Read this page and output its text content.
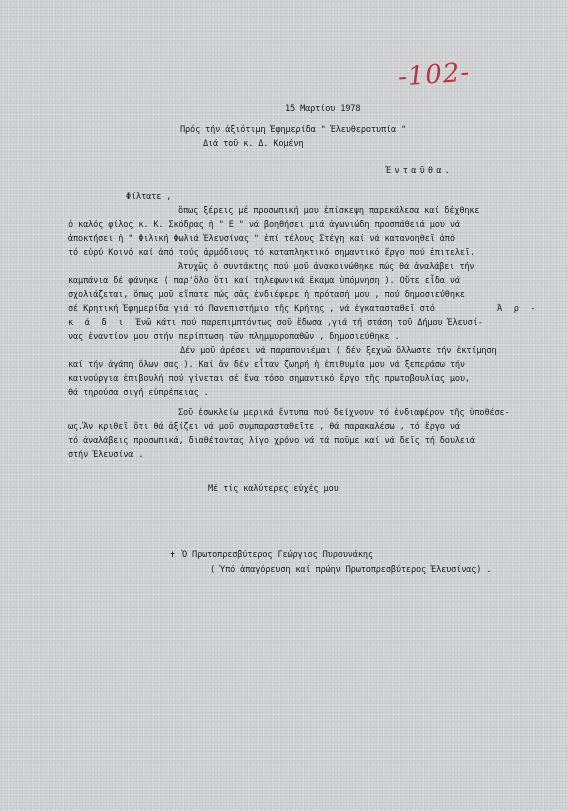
-102-
15 Μαρτίου 1978
Πρός τήν ἀξιότιμη Ἐφημερίδα " Ἐλευθεροτυπία "
Διά τοῦ κ. Δ. Κομένη
Ἐνταῦθα.
Φίλτατε ,
ὅπως ξέρεις μέ προσωπική μου ἐπίσκεψη παρεκάλεσα καί δέχθηκε
ὁ καλός φίλος κ. Κ. Σκόδρας ἡ " Ε " νά βοηθήσει μιά ἀγωνιώδη προσπάθειά μου νά
ἀποκτήσει ἡ " Φιλική Φωλιά Ἐλευσίνας " ἐπί τέλους Στέγη καί νά κατανοηθεῖ ἀπό
τό εὐρύ Κοινό καί ἀπό τούς ἁρμόδιους τό καταπληκτικό σημαντικό ἔργο πού ἐπιτελεῖ.
Ἀτυχῶς ὁ συντάκτης πού μοῦ ἀνακοινώθηκε πώς θά ἀναλάβει τήν
καμπάνια δέ φάνηκε ( παρ'ὅλο ὅτι καί τηλεφωνικά ἔκαμα ὑπόμνηση ). Οὔτε εἶδα νά
σχολιάζεται, ὅπως μοῦ εἴπατε πώς σᾶς ἐνδιέφερε ἡ πρότασή μου , πού δημοσιεύθηκε
σέ Κρητική Ἐφημερίδα γιά τό Πανεπιστήμιο τῆς Κρήτης , νά ἐγκατασταθεῖ στό	Ἀ ρ -
κ ά δ ι .
Ἐνῶ κάτι πού παρεπιμπτόντως σοῦ ἔδωσα ,γιά τή στάση τοῦ Δήμου Ἐλευσί-
νας ἐναντίον μου στήν περίπτωση τῶν πλημμυροπαθῶν , δημοσιεύθηκε .
Δέν μοῦ ἀρέσει νά παραπονιέμαι ( δέν ξεχνῶ ὅλλωστε τήν ἐκτίμηση
καί τήν ἀγάπη ὅλων σας ). Καί ἄν δέν εἶταν ζωηρή ἡ ἐπιθυμία μου νά ξεπεράσω τήν
καινούργια ἐπιβουλή πού γίνεται σέ ἕνα τόσο σημαντικό ἔργο τῆς πρωτοβουλίας μου,
θά τηρούσα σιγή εὐπρέπειας .
Σοῦ ἐσωκλείω μερικά ἔντυπα πού δείχνουν τό ἐνδιαφέρον τῆς ὑποθέσε-
ως.Ἄν κριθεῖ ὅτι θά ἀξίζει νά μοῦ συμπαρασταθεῖτε , θά παρακαλέσω , τό ἔργο νά
τό ἀναλάβεις προσωπικά, διαθέτοντας λίγο χρόνο νά τά ποῦμε καί νά δεῖς τή δουλειά
στήν Ἐλευσίνα .
Μέ τίς καλύτερες εὐχές μου
✝ Ὁ Πρωτοπρεσβύτερος Γεώργιος Πυρουνάκης
( Ὑπό ἀπαγόρευση καί πρώην Πρωτοπρεσβύτερος Ἐλευσίνας) .
